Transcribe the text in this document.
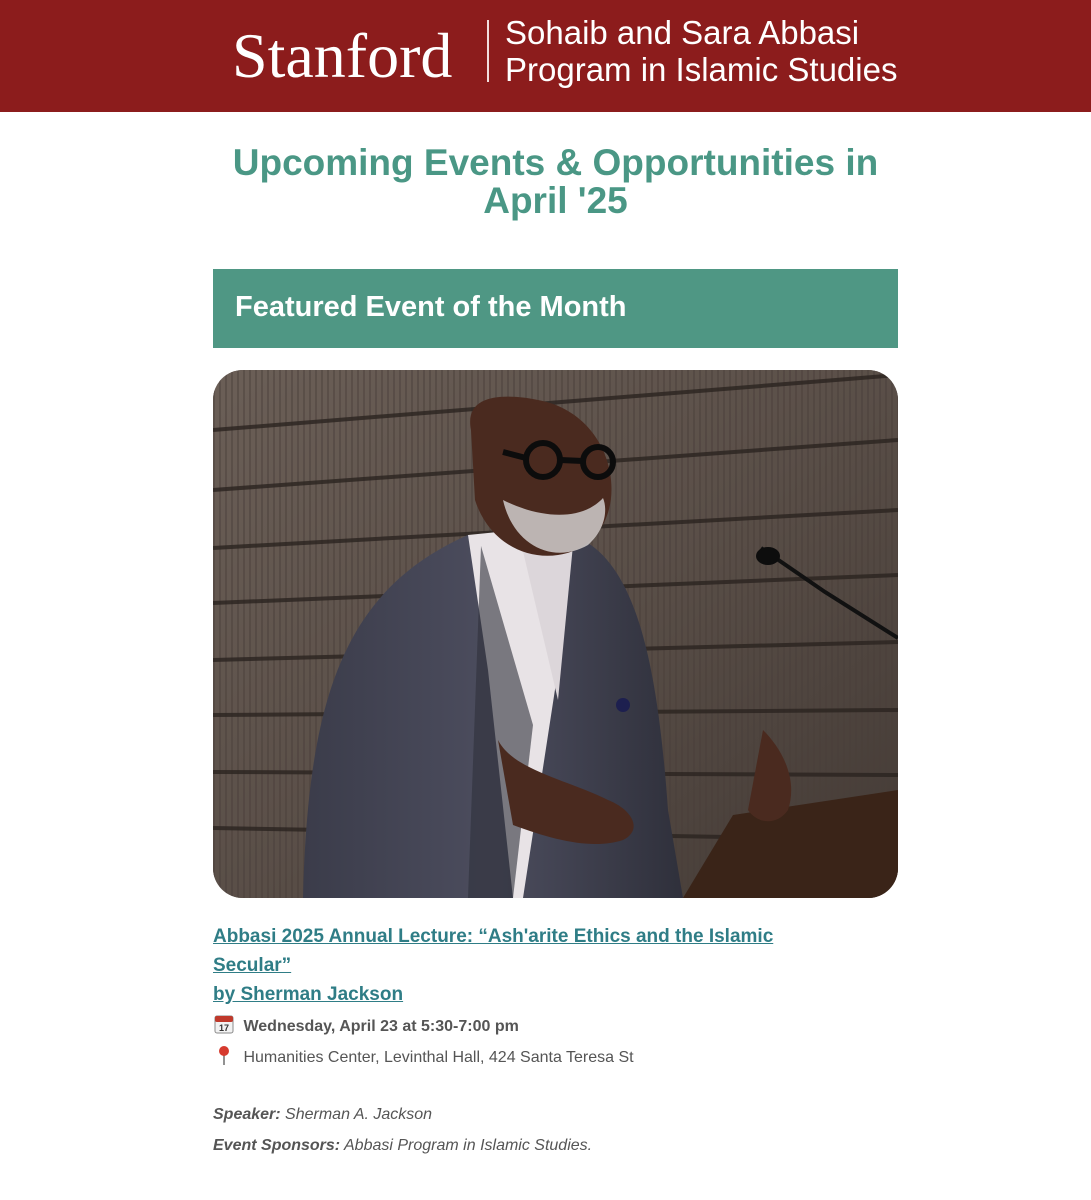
Stanford Sohaib and Sara Abbasi
Program in Islamic Studies
Upcoming Events & Opportunities in
April '25
Featured Event of the Month
Abbasi 2025 Annual Lecture: “Ash'arite Ethics and the Islamic Secular”
by Sherman Jackson
17 Wednesday, April 23 at 5:30-7:00 pm
Humanities Center, Levinthal Hall, 424 Santa Teresa St
Speaker: Sherman A. Jackson
Event Sponsors: Abbasi Program in Islamic Studies.
